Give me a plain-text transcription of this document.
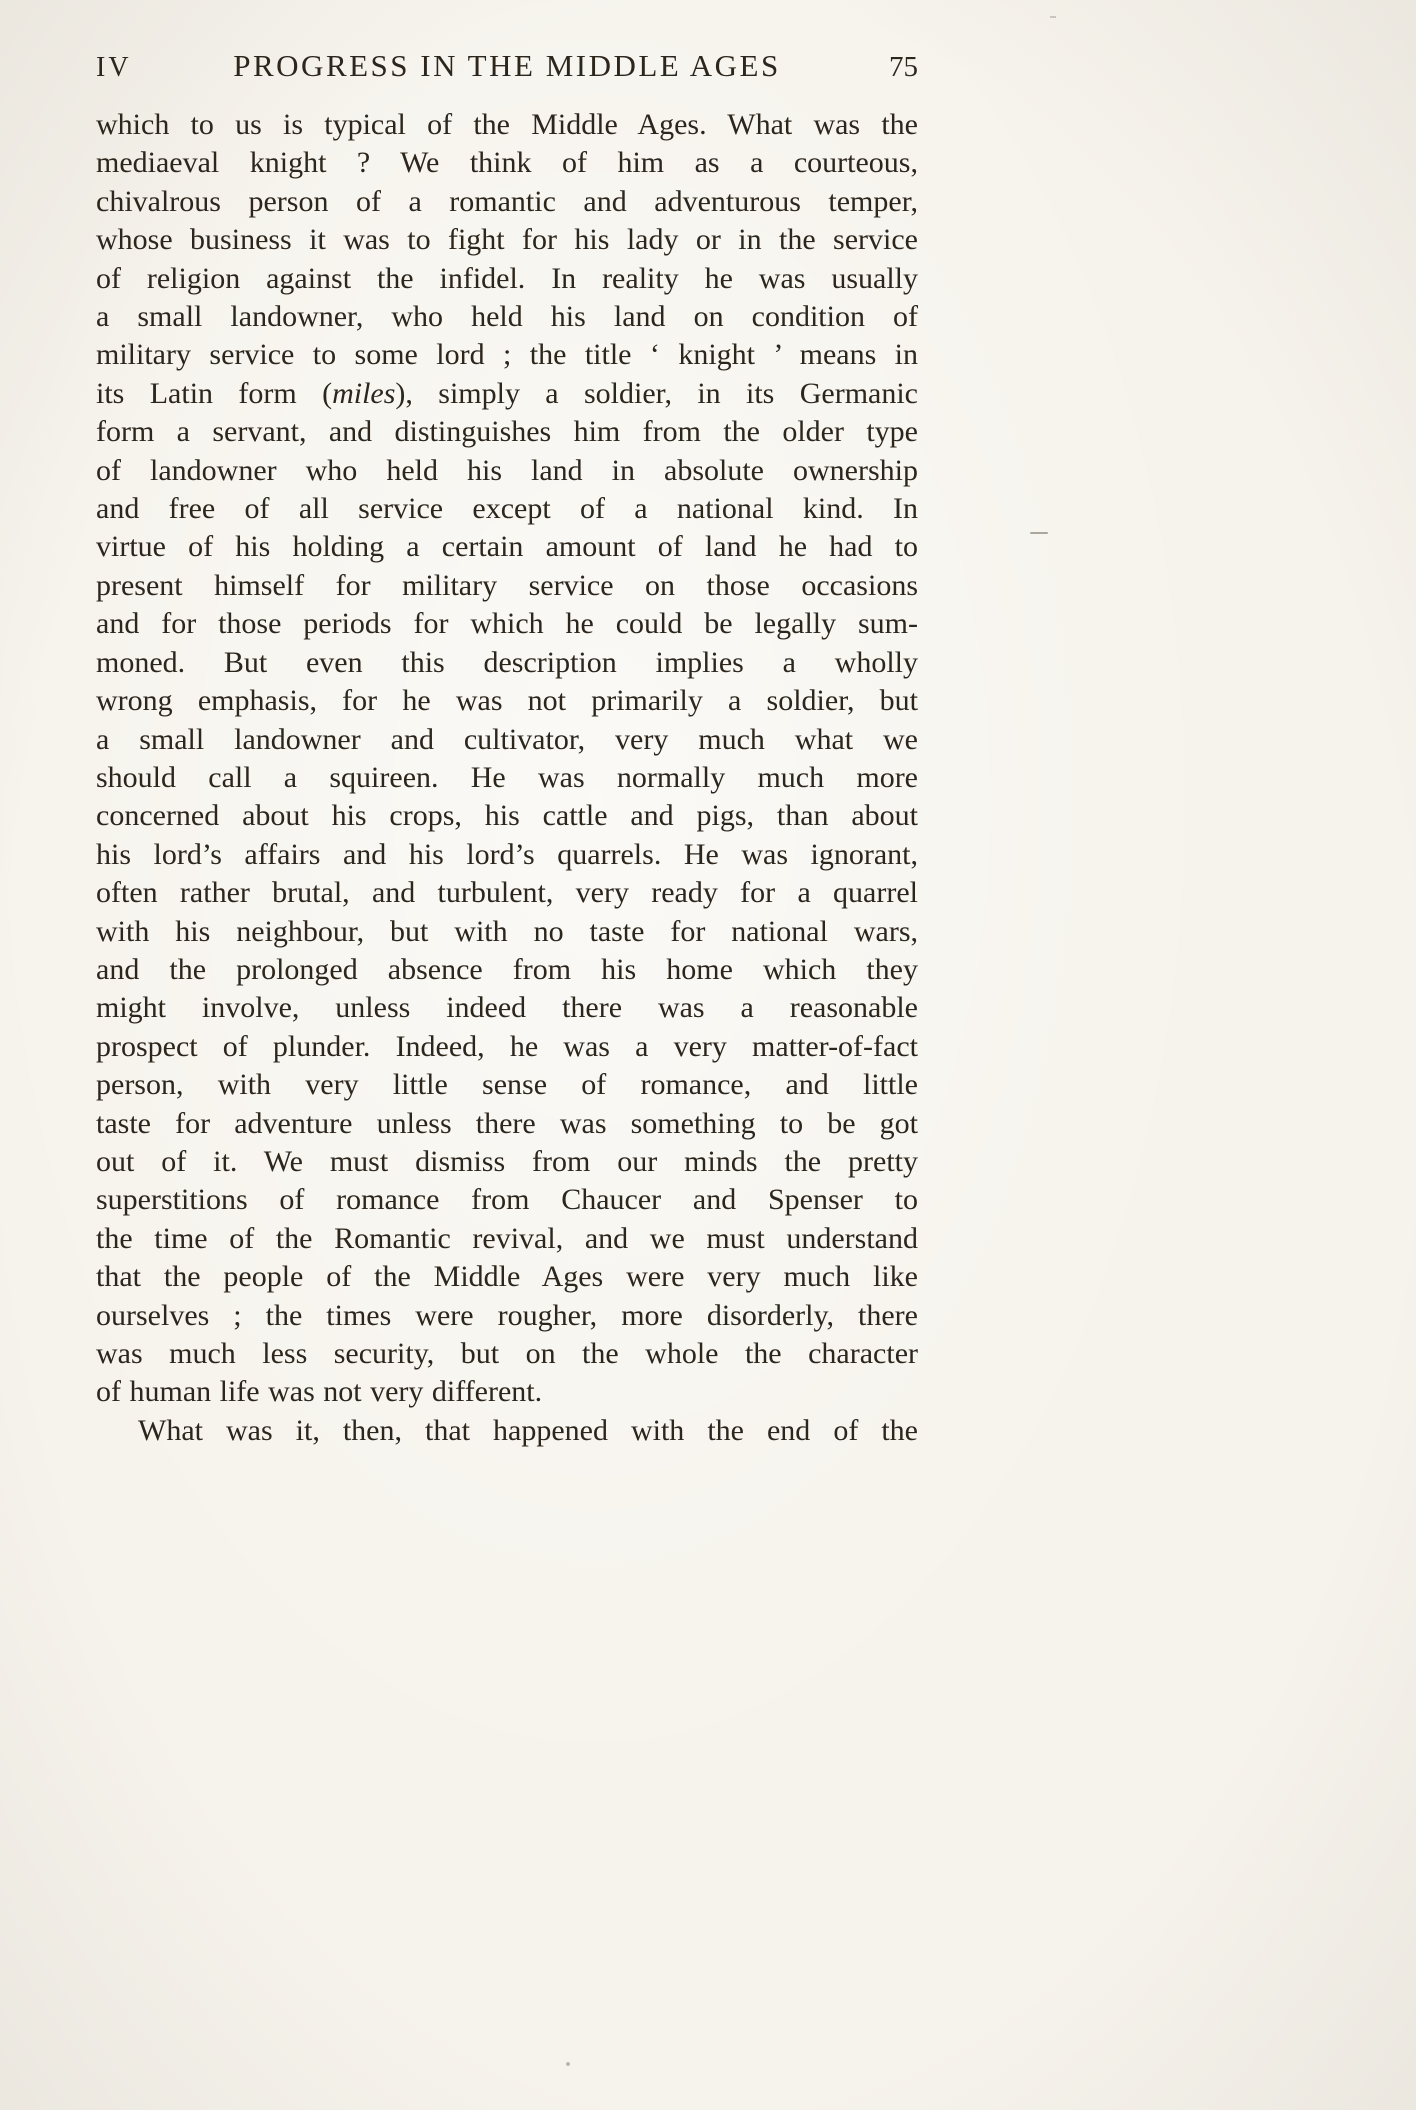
IV	PROGRESS IN THE MIDDLE AGES	75
which to us is typical of the Middle Ages. What was the
mediaeval knight ? We think of him as a courteous,
chivalrous person of a romantic and adventurous temper,
whose business it was to fight for his lady or in the service
of religion against the infidel. In reality he was usually
a small landowner, who held his land on condition of
military service to some lord ; the title ‘ knight ’ means in
its Latin form (miles), simply a soldier, in its Germanic
form a servant, and distinguishes him from the older type
of landowner who held his land in absolute ownership
and free of all service except of a national kind. In
virtue of his holding a certain amount of land he had to
present himself for military service on those occasions
and for those periods for which he could be legally sum-
moned. But even this description implies a wholly
wrong emphasis, for he was not primarily a soldier, but
a small landowner and cultivator, very much what we
should call a squireen. He was normally much more
concerned about his crops, his cattle and pigs, than about
his lord’s affairs and his lord’s quarrels. He was ignorant,
often rather brutal, and turbulent, very ready for a quarrel
with his neighbour, but with no taste for national wars,
and the prolonged absence from his home which they
might involve, unless indeed there was a reasonable
prospect of plunder. Indeed, he was a very matter-of-fact
person, with very little sense of romance, and little
taste for adventure unless there was something to be got
out of it. We must dismiss from our minds the pretty
superstitions of romance from Chaucer and Spenser to
the time of the Romantic revival, and we must understand
that the people of the Middle Ages were very much like
ourselves ; the times were rougher, more disorderly, there
was much less security, but on the whole the character
of human life was not very different.
What was it, then, that happened with the end of the
